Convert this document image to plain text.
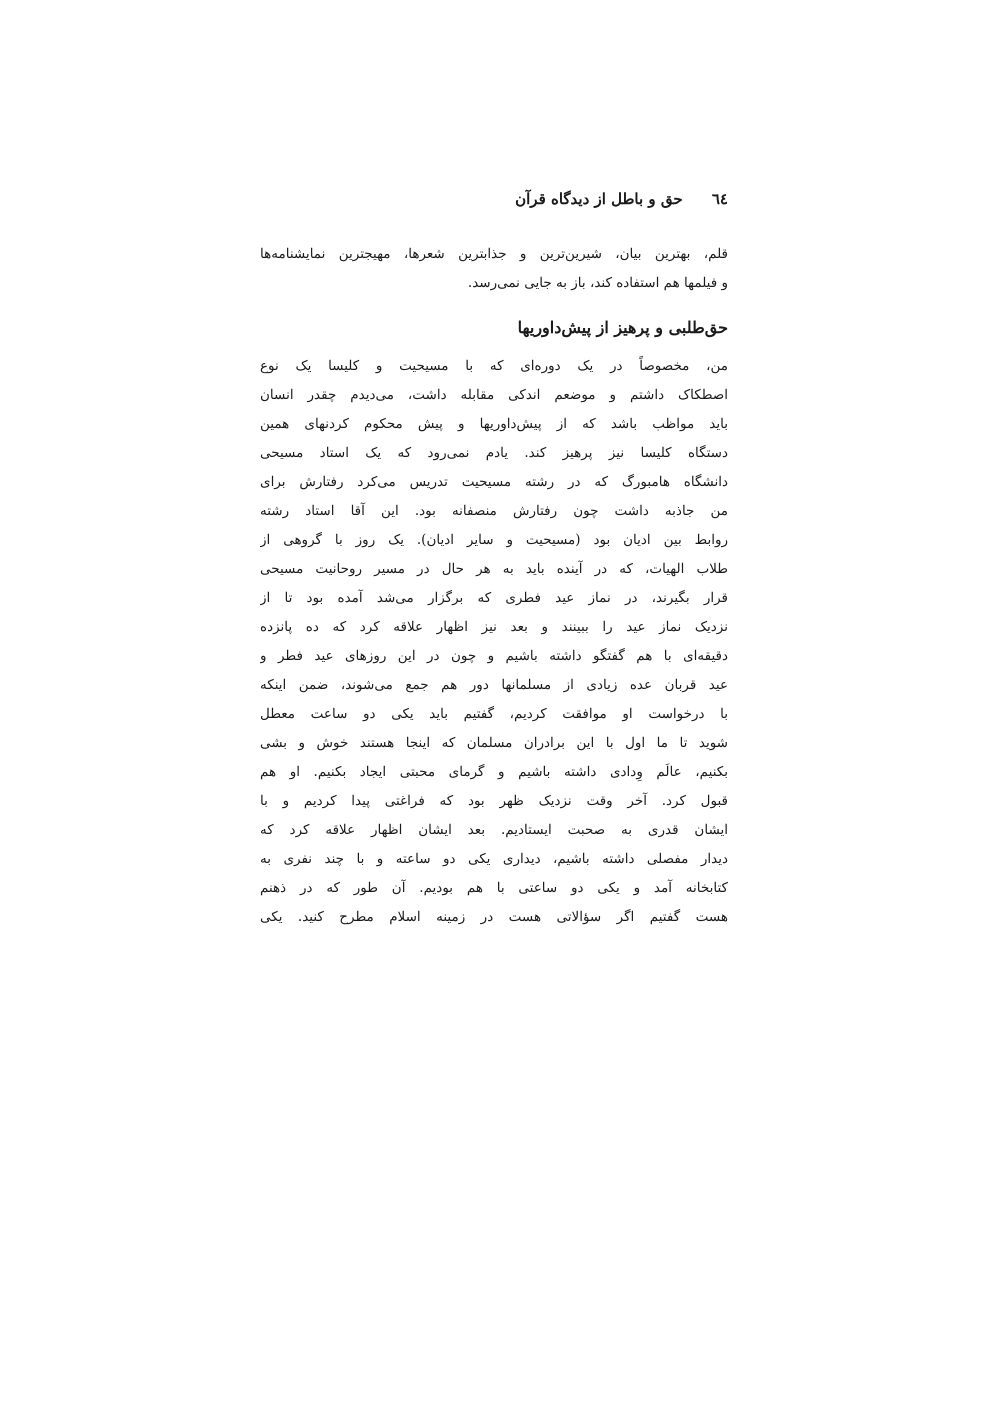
٦٤ حق و باطل از دیدگاه قرآن
قلم، بهترین بیان، شیرین‌ترین و جذابترین شعرها، مهیجترین نمایشنامه‌ها
و فیلمها هم استفاده کند، باز به جایی نمی‌رسد.
حق‌طلبی و پرهیز از پیش‌داوریها
من، مخصوصاً در یک دوره‌ای که با مسیحیت و کلیسا یک نوع
اصطکاک داشتم و موضعم اندکی مقابله داشت، می‌دیدم چقدر انسان
باید مواظب باشد که از پیش‌داوریها و پیش محکوم کردنهای همین
دستگاه کلیسا نیز پرهیز کند. یادم نمی‌رود که یک استاد مسیحی
دانشگاه هامبورگ که در رشته مسیحیت تدریس می‌کرد رفتارش برای
من جاذبه داشت چون رفتارش منصفانه بود. این آقا استاد رشته
روابط بین ادیان بود (مسیحیت و سایر ادیان). یک روز با گروهی از
طلاب الهیات، که در آینده باید به هر حال در مسیر روحانیت مسیحی
قرار بگیرند، در نماز عید فطری که برگزار می‌شد آمده بود تا از
نزدیک نماز عید را ببینند و بعد نیز اظهار علاقه کرد که ده پانزده
دقیقه‌ای با هم گفتگو داشته باشیم و چون در این روزهای عید فطر و
عید قربان عده زیادی از مسلمانها دور هم جمع می‌شوند، ضمن اینکه
با درخواست او موافقت کردیم، گفتیم باید یکی دو ساعت معطل
شوید تا ما اول با این برادران مسلمان که اینجا هستند خوش و بشی
بکنیم، عالَم وِدادی داشته باشیم و گرمای محبتی ایجاد بکنیم. او هم
قبول کرد. آخر وقت نزدیک ظهر بود که فراغتی پیدا کردیم و با
ایشان قدری به صحبت ایستادیم. بعد ایشان اظهار علاقه کرد که
دیدار مفصلی داشته باشیم، دیداری یکی دو ساعته و با چند نفری به
کتابخانه آمد و یکی دو ساعتی با هم بودیم. آن طور که در ذهنم
هست گفتیم اگر سؤالاتی هست در زمینه اسلام مطرح کنید. یکی
